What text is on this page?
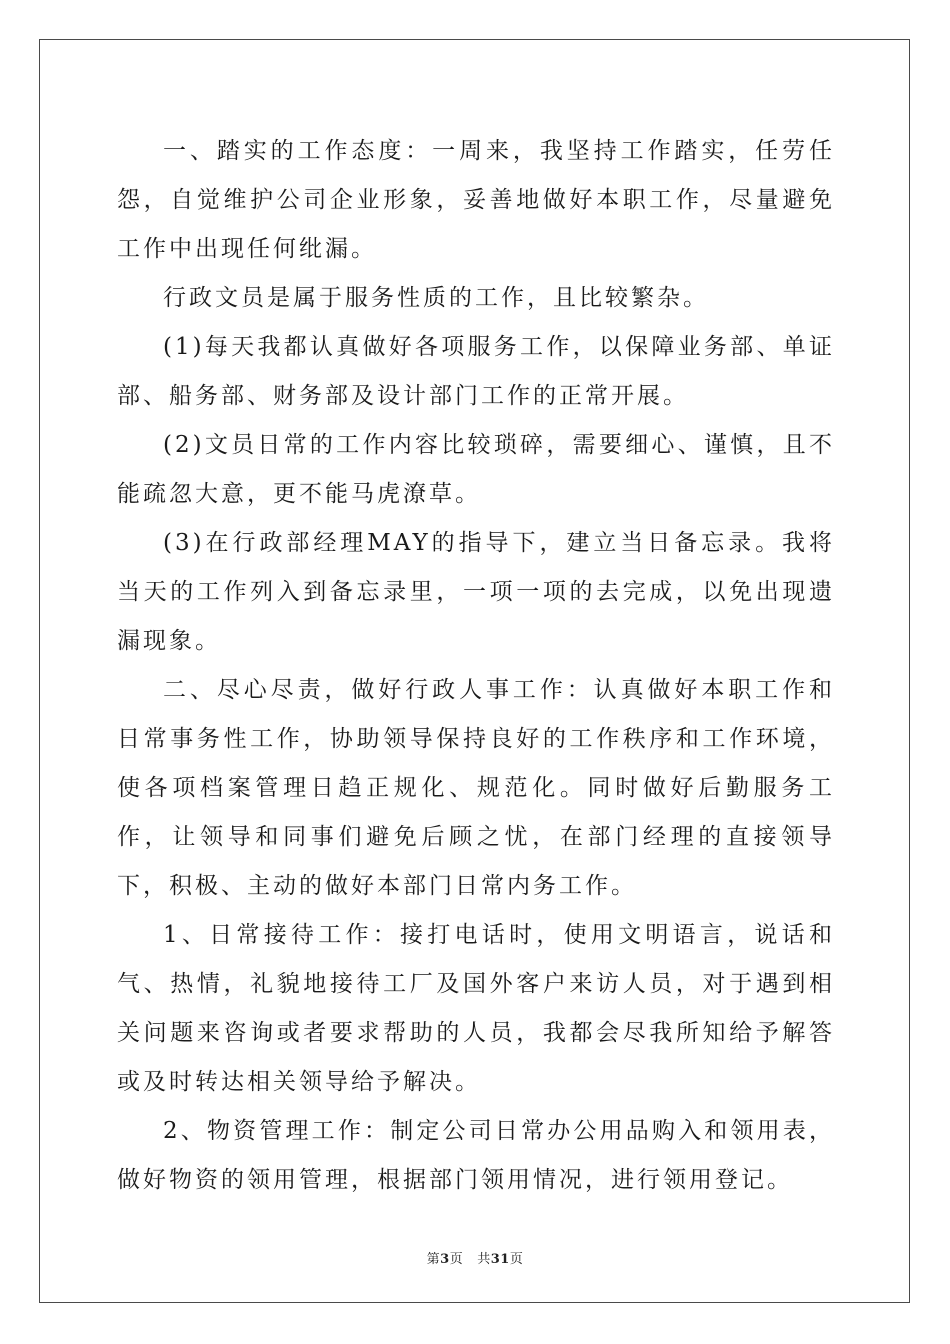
一、踏实的工作态度：一周来，我坚持工作踏实，任劳任怨，自觉维护公司企业形象，妥善地做好本职工作，尽量避免工作中出现任何纰漏。

行政文员是属于服务性质的工作，且比较繁杂。

(1)每天我都认真做好各项服务工作，以保障业务部、单证部、船务部、财务部及设计部门工作的正常开展。

(2)文员日常的工作内容比较琐碎，需要细心、谨慎，且不能疏忽大意，更不能马虎潦草。

(3)在行政部经理MAY的指导下，建立当日备忘录。我将当天的工作列入到备忘录里，一项一项的去完成，以免出现遗漏现象。

二、尽心尽责，做好行政人事工作：认真做好本职工作和日常事务性工作，协助领导保持良好的工作秩序和工作环境，使各项档案管理日趋正规化、规范化。同时做好后勤服务工作，让领导和同事们避免后顾之忧，在部门经理的直接领导下，积极、主动的做好本部门日常内务工作。

1、日常接待工作：接打电话时，使用文明语言，说话和气、热情，礼貌地接待工厂及国外客户来访人员，对于遇到相关问题来咨询或者要求帮助的人员，我都会尽我所知给予解答或及时转达相关领导给予解决。

2、物资管理工作：制定公司日常办公用品购入和领用表，做好物资的领用管理，根据部门领用情况，进行领用登记。

第3页 共31页
